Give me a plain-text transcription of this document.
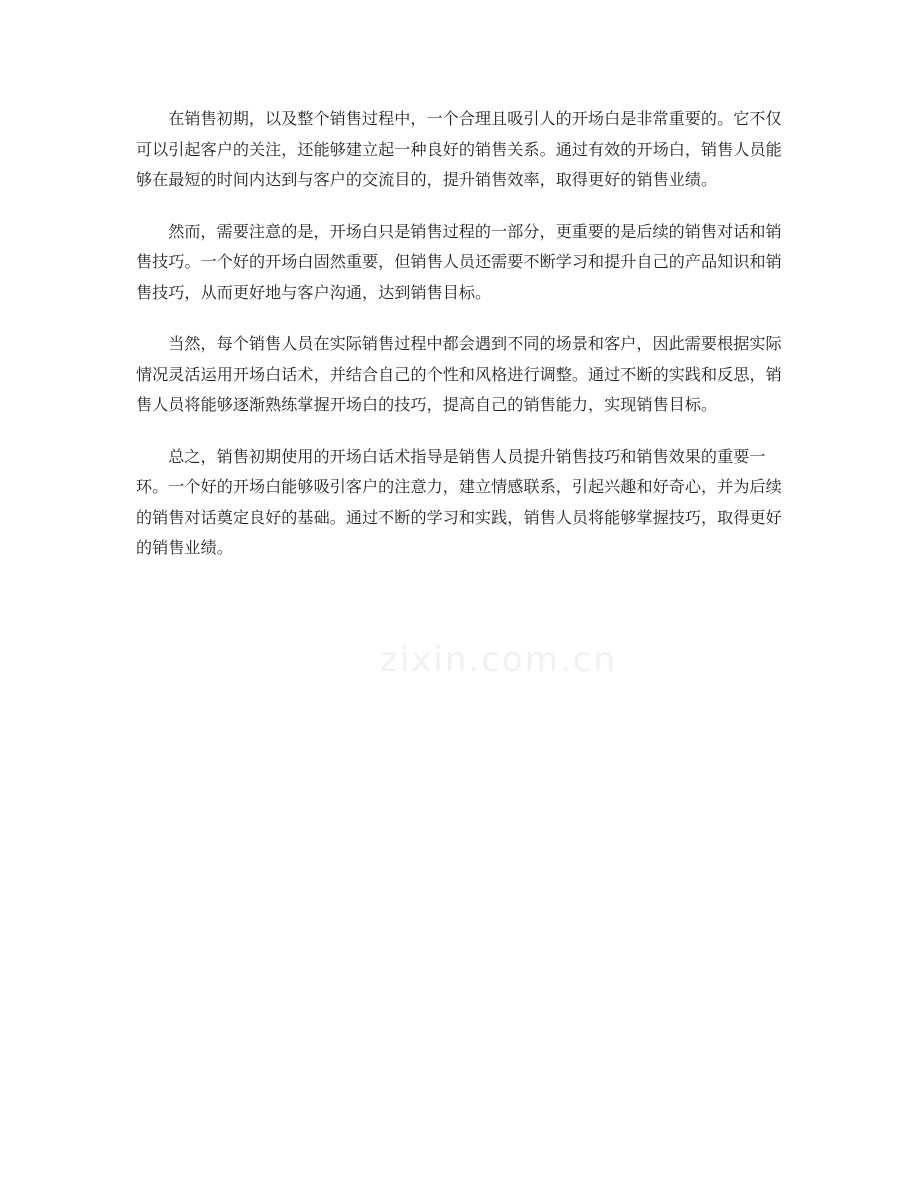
在销售初期，以及整个销售过程中，一个合理且吸引人的开场白是非常重要的。它不仅可以引起客户的关注，还能够建立起一种良好的销售关系。通过有效的开场白，销售人员能够在最短的时间内达到与客户的交流目的，提升销售效率，取得更好的销售业绩。

然而，需要注意的是，开场白只是销售过程的一部分，更重要的是后续的销售对话和销售技巧。一个好的开场白固然重要，但销售人员还需要不断学习和提升自己的产品知识和销售技巧，从而更好地与客户沟通，达到销售目标。

当然，每个销售人员在实际销售过程中都会遇到不同的场景和客户，因此需要根据实际情况灵活运用开场白话术，并结合自己的个性和风格进行调整。通过不断的实践和反思，销售人员将能够逐渐熟练掌握开场白的技巧，提高自己的销售能力，实现销售目标。

总之，销售初期使用的开场白话术指导是销售人员提升销售技巧和销售效果的重要一环。一个好的开场白能够吸引客户的注意力，建立情感联系，引起兴趣和好奇心，并为后续的销售对话奠定良好的基础。通过不断的学习和实践，销售人员将能够掌握技巧，取得更好的销售业绩。

zixin.com.cn
